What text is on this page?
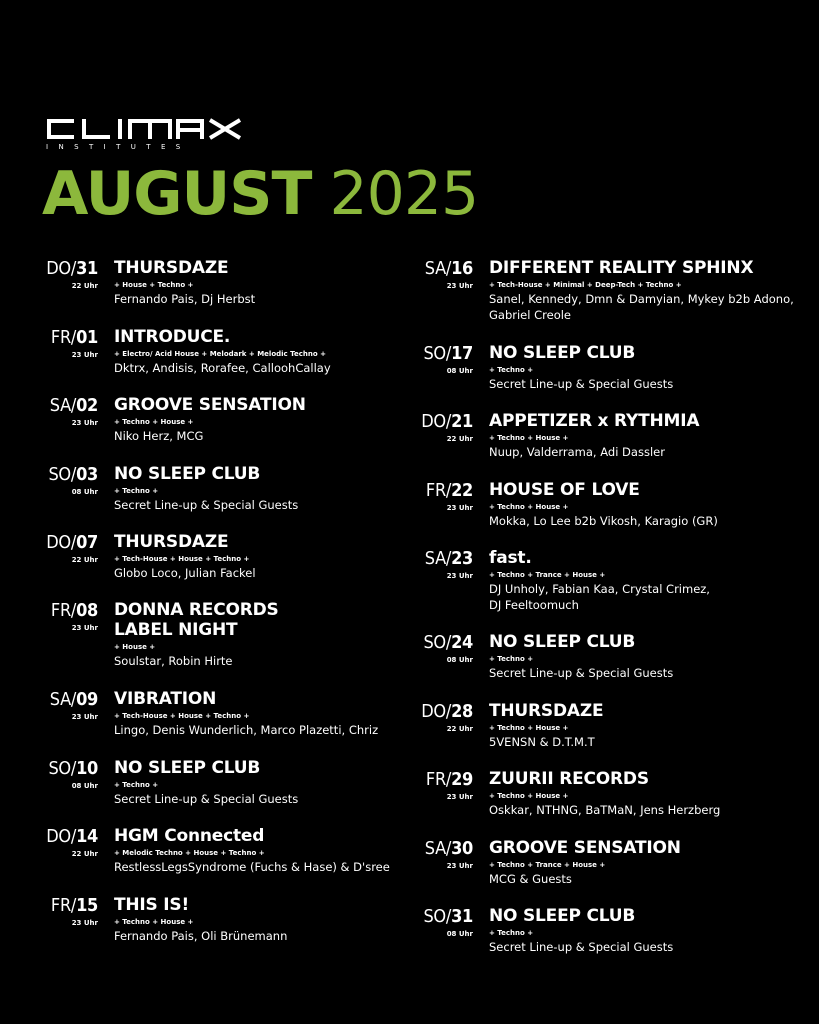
INSTITUTES
AUGUST 2025
DO/31
22 Uhr
THURSDAZE
+ House + Techno +
Fernando Pais, Dj Herbst
FR/01
23 Uhr
INTRODUCE.
+ Electro/ Acid House + Melodark + Melodic Techno +
Dktrx, Andisis, Rorafee, CalloohCallay
SA/02
23 Uhr
GROOVE SENSATION
+ Techno + House +
Niko Herz, MCG
SO/03
08 Uhr
NO SLEEP CLUB
+ Techno +
Secret Line-up & Special Guests
DO/07
22 Uhr
THURSDAZE
+ Tech-House + House + Techno +
Globo Loco, Julian Fackel
FR/08
23 Uhr
DONNA RECORDS
LABEL NIGHT
+ House +
Soulstar, Robin Hirte
SA/09
23 Uhr
VIBRATION
+ Tech-House + House + Techno +
Lingo, Denis Wunderlich, Marco Plazetti, Chriz
SO/10
08 Uhr
NO SLEEP CLUB
+ Techno +
Secret Line-up & Special Guests
DO/14
22 Uhr
HGM Connected
+ Melodic Techno + House + Techno +
RestlessLegsSyndrome (Fuchs & Hase) & D'sree
FR/15
23 Uhr
THIS IS!
+ Techno + House +
Fernando Pais, Oli Brünemann
SA/16
23 Uhr
DIFFERENT REALITY SPHINX
+ Tech-House + Minimal + Deep-Tech + Techno +
Sanel, Kennedy, Dmn & Damyian, Mykey b2b Adono,
Gabriel Creole
SO/17
08 Uhr
NO SLEEP CLUB
+ Techno +
Secret Line-up & Special Guests
DO/21
22 Uhr
APPETIZER x RYTHMIA
+ Techno + House +
Nuup, Valderrama, Adi Dassler
FR/22
23 Uhr
HOUSE OF LOVE
+ Techno + House +
Mokka, Lo Lee b2b Vikosh, Karagio (GR)
SA/23
23 Uhr
fast.
+ Techno + Trance + House +
DJ Unholy, Fabian Kaa, Crystal Crimez,
DJ Feeltoomuch
SO/24
08 Uhr
NO SLEEP CLUB
+ Techno +
Secret Line-up & Special Guests
DO/28
22 Uhr
THURSDAZE
+ Techno + House +
5VENSN & D.T.M.T
FR/29
23 Uhr
ZUURII RECORDS
+ Techno + House +
Oskkar, NTHNG, BaTMaN, Jens Herzberg
SA/30
23 Uhr
GROOVE SENSATION
+ Techno + Trance + House +
MCG & Guests
SO/31
08 Uhr
NO SLEEP CLUB
+ Techno +
Secret Line-up & Special Guests
